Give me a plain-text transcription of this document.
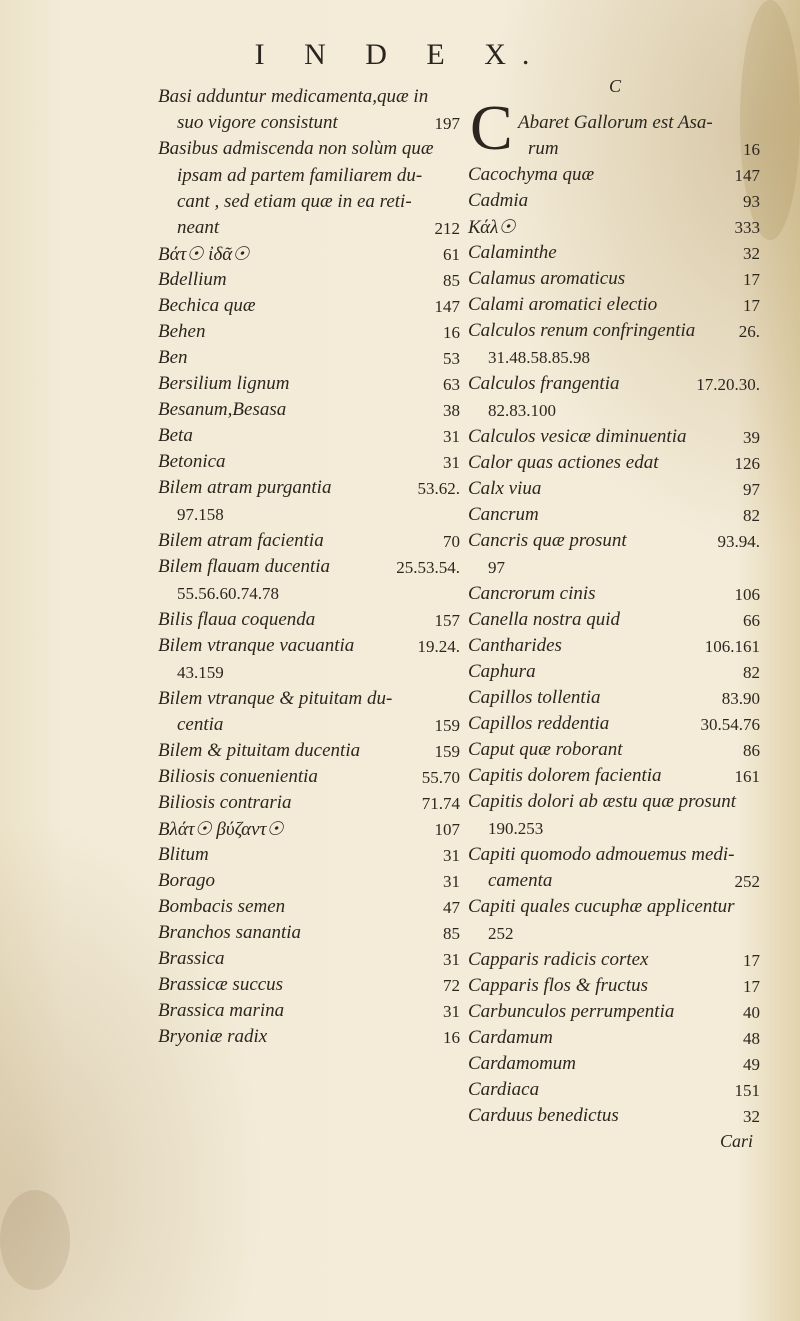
I N D E X.
Basi adduntur medicamenta,quæ in
suo vigore consistunt	197
Basibus admiscenda non solùm quæ
ipsam ad partem familiarem du-
cant , sed etiam quæ in ea reti-
neant	212
Βάτ☉ ἰδᾶ☉	61
Bdellium	85
Bechica quæ	147
Behen	16
Ben	53
Bersilium lignum	63
Besanum,Besasa	38
Beta	31
Betonica	31
Bilem atram purgantia	53.62.
97.158
Bilem atram facientia	70
Bilem flauam ducentia	25.53.54.
55.56.60.74.78
Bilis flaua coquenda	157
Bilem vtranque vacuantia	19.24.
43.159
Bilem vtranque & pituitam du-
centia	159
Bilem & pituitam ducentia	159
Biliosis conuenientia	55.70
Biliosis contraria	71.74
Βλάτ☉ βύζαντ☉	107
Blitum	31
Borago	31
Bombacis semen	47
Branchos sanantia	85
Brassica	31
Brassicæ succus	72
Brassica marina	31
Bryoniæ radix	16
C
C Abaret Gallorum est Asa-
rum	16
Cacochyma quæ	147
Cadmia	93
Κάλ☉	333
Calaminthe	32
Calamus aromaticus	17
Calami aromatici electio	17
Calculos renum confringentia	26.
31.48.58.85.98
Calculos frangentia	17.20.30.
82.83.100
Calculos vesicæ diminuentia	39
Calor quas actiones edat	126
Calx viua	97
Cancrum	82
Cancris quæ prosunt	93.94.
97
Cancrorum cinis	106
Canella nostra quid	66
Cantharides	106.161
Caphura	82
Capillos tollentia	83.90
Capillos reddentia	30.54.76
Caput quæ roborant	86
Capitis dolorem facientia	161
Capitis dolori ab æstu quæ prosunt
190.253
Capiti quomodo admouemus medi-
camenta	252
Capiti quales cucuphæ applicentur
252
Capparis radicis cortex	17
Capparis flos & fructus	17
Carbunculos perrumpentia	40
Cardamum	48
Cardamomum	49
Cardiaca	151
Carduus benedictus	32
Cari
